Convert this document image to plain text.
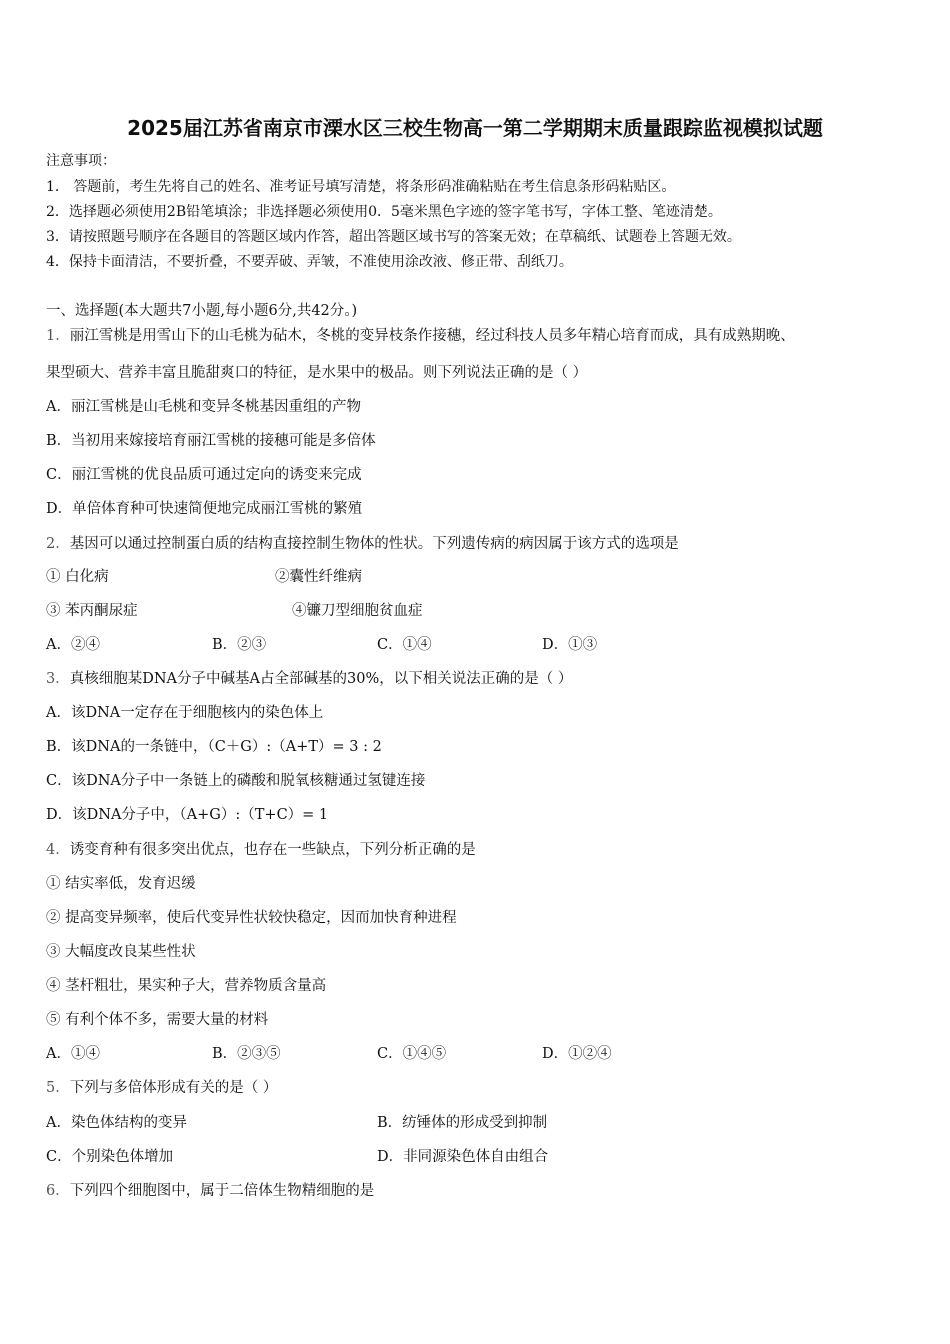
2025届江苏省南京市溧水区三校生物高一第二学期期末质量跟踪监视模拟试题
注意事项：
1． 答题前，考生先将自己的姓名、准考证号填写清楚，将条形码准确粘贴在考生信息条形码粘贴区。
2．选择题必须使用2B铅笔填涂；非选择题必须使用0．5毫米黑色字迹的签字笔书写，字体工整、笔迹清楚。
3．请按照题号顺序在各题目的答题区域内作答，超出答题区域书写的答案无效；在草稿纸、试题卷上答题无效。
4．保持卡面清洁，不要折叠，不要弄破、弄皱，不准使用涂改液、修正带、刮纸刀。
一、选择题(本大题共7小题,每小题6分,共42分。)
1．丽江雪桃是用雪山下的山毛桃为砧木，冬桃的变异枝条作接穗，经过科技人员多年精心培育而成，具有成熟期晚、
果型硕大、营养丰富且脆甜爽口的特征，是水果中的极品。则下列说法正确的是（ ）
A．丽江雪桃是山毛桃和变异冬桃基因重组的产物
B．当初用来嫁接培育丽江雪桃的接穗可能是多倍体
C．丽江雪桃的优良品质可通过定向的诱变来完成
D．单倍体育种可快速简便地完成丽江雪桃的繁殖
2．基因可以通过控制蛋白质的结构直接控制生物体的性状。下列遗传病的病因属于该方式的选项是
① 白化病	②囊性纤维病
③ 苯丙酮尿症	④镰刀型细胞贫血症
A．②④	B．②③	C．①④	D．①③
3．真核细胞某DNA分子中碱基A占全部碱基的30%，以下相关说法正确的是（ ）
A．该DNA一定存在于细胞核内的染色体上
B．该DNA的一条链中，（C＋G）:（A+T）= 3 : 2
C．该DNA分子中一条链上的磷酸和脱氧核糖通过氢键连接
D．该DNA分子中，（A+G）:（T+C）= 1
4．诱变育种有很多突出优点，也存在一些缺点，下列分析正确的是
① 结实率低，发育迟缓
② 提高变异频率，使后代变异性状较快稳定，因而加快育种进程
③ 大幅度改良某些性状
④ 茎杆粗壮，果实种子大，营养物质含量高
⑤ 有利个体不多，需要大量的材料
A．①④	B．②③⑤	C．①④⑤	D．①②④
5．下列与多倍体形成有关的是（ ）
A．染色体结构的变异	B．纺锤体的形成受到抑制
C．个别染色体增加	D．非同源染色体自由组合
6．下列四个细胞图中，属于二倍体生物精细胞的是
